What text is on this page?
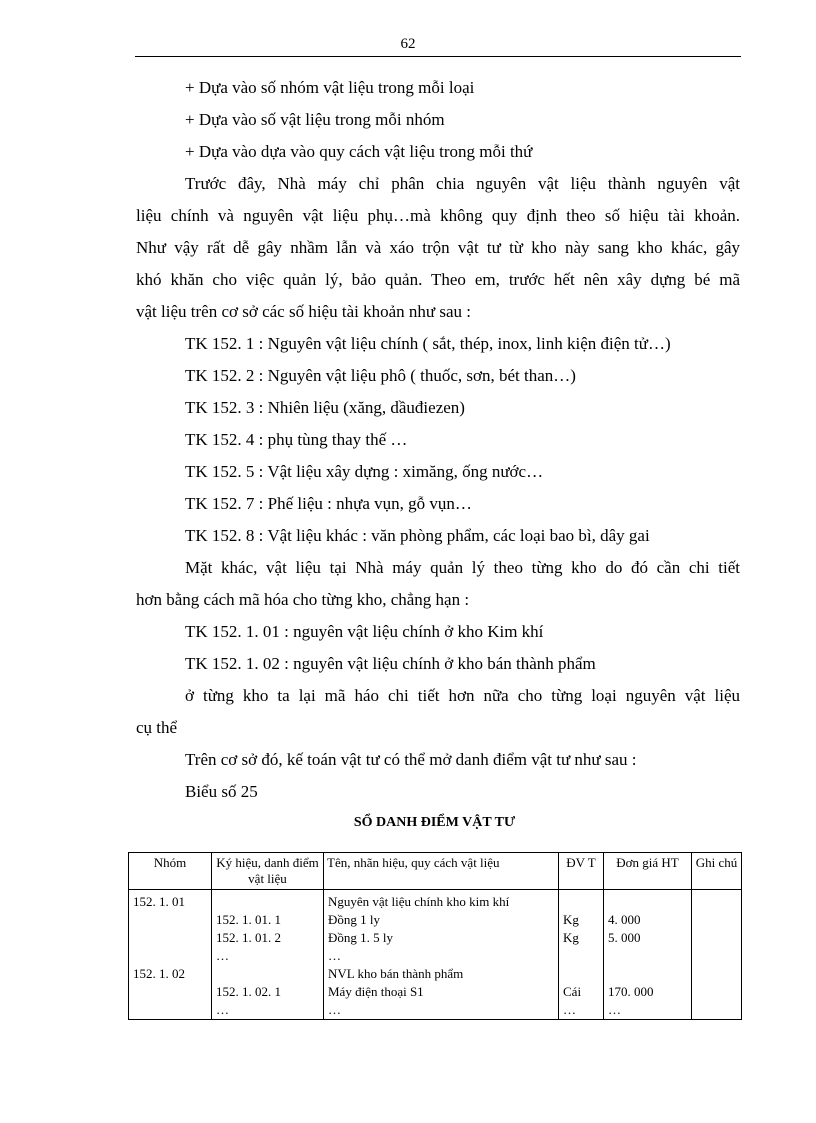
62
+ Dựa vào số nhóm vật liệu trong mỗi loại
+ Dựa vào số vật liệu trong mỗi nhóm
+ Dựa vào dựa vào quy cách vật liệu trong mỗi thứ
Trước đây, Nhà máy chỉ phân chia nguyên vật liệu thành nguyên vật
liệu chính và nguyên vật liệu phụ…mà không quy định theo số hiệu tài khoản.
Như vậy rất dễ gây nhầm lẫn và xáo trộn vật tư từ kho này sang kho khác, gây
khó khăn cho việc quản lý, bảo quản. Theo em, trước hết nên xây dựng bé mã
vật liệu trên cơ sở các số hiệu tài khoản như sau :
TK 152. 1 : Nguyên vật liệu chính ( sắt, thép, inox, linh kiện điện tử…)
TK 152. 2 : Nguyên vật liệu phô ( thuốc, sơn, bét than…)
TK 152. 3 : Nhiên liệu (xăng, dầuđiezen)
TK 152. 4 : phụ tùng thay thế …
TK 152. 5 : Vật liệu xây dựng : ximăng, ống nước…
TK 152. 7 : Phế liệu : nhựa vụn, gỗ vụn…
TK 152. 8 : Vật liệu khác : văn phòng phẩm, các loại bao bì, dây gai
Mặt khác, vật liệu tại Nhà máy quản lý theo từng kho do đó cần chi tiết
hơn bằng cách mã hóa cho từng kho, chẳng hạn :
TK 152. 1. 01 : nguyên vật liệu chính ở kho Kim khí
TK 152. 1. 02 : nguyên vật liệu chính ở kho bán thành phẩm
ở từng kho ta lại mã háo chi tiết hơn nữa cho từng loại nguyên vật liệu
cụ thể
Trên cơ sở đó, kế toán vật tư có thể mở danh điểm vật tư như sau :
Biểu số 25
SỔ DANH ĐIỂM VẬT TƯ
Nhóm	Ký hiệu, danh điểm vật liệu	Tên, nhãn hiệu, quy cách vật liệu	ĐV T	Đơn giá HT	Ghi chú
152. 1. 01		Nguyên vật liệu chính kho kim khí			
	152. 1. 01. 1	Đồng 1 ly	Kg	4. 000	
	152. 1. 01. 2	Đồng 1. 5 ly	Kg	5. 000	
	…	…			
152. 1. 02		NVL kho bán thành phẩm			
	152. 1. 02. 1	Máy điện thoại S1	Cái	170. 000	
	…	…	…	…	
